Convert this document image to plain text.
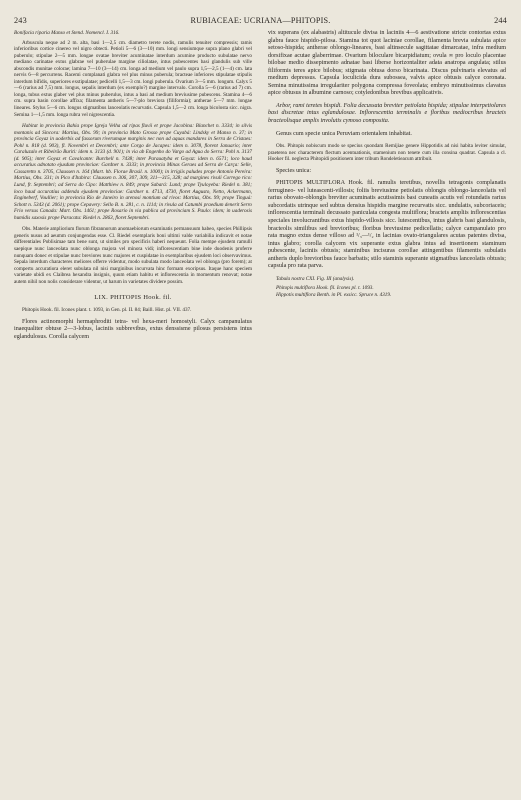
243	RUBIACEAE: UCRIANA—PHITOPIS.	244

Bonifacia riparia Manso et Stend. Nomencl. I. 316.

Arbuscula neque ad 2 m. alta, basi 1—2,5 cm. diametro terete nodis, ramulis tenuiter compressis; ramis inferioribus cortice cinereo vel nigro obtecti. Petioli 5—6 (3—10) mm. longi sensiumque supra plano glabri vel puberulo; stipulae 2—5 mm. longae ovatae breviter acuminatae interdum acumine producto subulatae nervo mediano carinatae extus glabrae vel puberulae margine ciliolatae, intus pubescentes basi glandulis sub ville abscondis munitae colorae; lamina 7—10 (3—14) cm. longa ad medium vel paulo supra 1,5—2,5 (1—4) cm. lata nervis 6—8 percurrens. Racemi complanati glabra vel plus minus puberula; bracteae inferiores stipulatae stipulis interdum bifidis, superiores exstipulatae; pedicelli 1,5—3 cm. longi puberula. Ovarium 3—5 mm. longum. Calyx 5—6 (rarius ad 7,5) mm. longus, sepalis interdum (ex exemplo?) margine intervalo. Corolla 5—6 (rarius ad 7) cm. longa, tubus extus glaber vel plus minus puberulus, intus a basi ad medium breviusime pubescens. Stamina 4—6 cm. supra basin corollae affixa; filamenta antheris 5—7-plo breviora (filiformia); antherae 5—7 mm. longae lineares. Stylus 5—6 cm. longus stigmatibus lanceolatis recurvatis. Capsula 1,5—2 cm. longa bicolosta sicc. nigra. Semina 1—1,5 mm. longa rubra vel nigrescentia.

Habitat in provincia Bahia prope Igreja Velha ad ripas fluvii et prope Jacobina: Blanchet n. 3334; in silvis montanis ad Sincora: Martius, Obs. 99; in provincia Mato Grosso prope Cuyabá: Lindsky et Manso n. 37; in provincia Goyaz in uoderbis ad fassorum riverumque marginis nec non ad aquas mandares in Serra de Cristaes: Pohl n. 818 (d. 903), fl. Novembri et Decembri; ante Corgo de Jacapes: idem n. 3078, florent Januario; inter Caraluzalo et Ribeirão Buriti: idem n. 3133 (d. 901); in via ab Engenho do Vargo ad Agua do Serra: Pohl n. 3137 (d. 905); inter Goyaz et Cavalcante: Burchell n. 7438; inter Parauatyba et Goyaz: idem n. 6571; loco haud accuratius adnotato ejusdum provinciae: Gardner n. 3333; in provincia Minas Geraes ad Serra de Carça: Selle, Cassaretto n. 3705, Claussen n. 164 (Mart. hb. Florae Brasil. n. 1000); in irrigiis paludes prope Antonio Pereira: Martius, Obs. 331; in Pico d'Itabira: Claussen n. 306, 307, 309, 311—315, 328; ad margines rivuli Corrego rico: Lund, fr. Septembri; ad Serra do Cipo: Matthiew n. 849; prope Sabará: Lund; prope Tyuloyeba: Riedel n. 381; loco haud accuratius addenda ejusdem provinciae: Gardner n. 4713, 4730, floret Augusto, Netto, Ackermann, Engineberf, Voullier; in provincia Rio de Janeiro in arenosi montium ad rivos: Martius, Obs. 99; prope Tinguá: Schott n. 5343 (d. 2061); prope Cepavery: Sello B. n. 281, c. n. 1114; in rivula ad Catumbi praedium denerit Serro Frio versus Canada: Mart. Obs. 1461; prope Rosario in via publica ad provinciam S. Paulo: idem; in uaderosis humidis saxosis prope Paracatu: Riedel n. 2863, floret Septembri.

Obs. Materie ampliorium florum fibrannorum anomaebiorum examinatis permansuum habeo, species Phillipsis generis nusus ad aeumm conjungendas esse. Cl. Riedel exemplaris boni ultimi valde variabilia indicavit et notae differentiales Poblisimae tam bene sunt, ut similes pro specificis haberi nequeunt. Folia mempe ejusdem ramulli saepique nunc lanceolata nunc oblonga majora vel minora vidi; inflorescentiam bine inde duodenis proferre nunquam donec et stipulae nunc breviores nunc majores et cuspidatae in exemplaribus ejusdem loci observavimus. Sepala interdum characteres meliores offerre videntur, modo subulata modo lanceolata vel oblonga (pro forem); at compertu accuratiora eleret subulata nil nisi marginibus incurvata hinc formam exoripsus. Itaque hanc speciem varietate ubidi ex Claibrea hexandra insignis, quum etiam habitu et inflorescentia in momentum renovat; notae autem nihil non nolis considerare videntur, ut harum in varietates dividere possim.

LIX. PHITOPIS Hook. fil.

Phitopis Hook. fil. Icones plant. t. 1093, in Gen. pl. II. 84; Baill. Hist. pl. VII. 437.

Flores actinomorphi hermaphroditi tetra- vel hexa-meri homostyli. Calyx campanulatus inaequaliter obtuse 2—3-lobus, laciniis subbrevibus, extus denssisme pilosus persistens intus eglandulosus. Corolla calycem

vix superans (ex alabastris) altitucule divisa in laciniis 4—6 aestivatione stricte contortas extus glabra fauce hispido-pilosa. Stamina tot quot laciniae corollae, filamenta brevia subulata apice setoso-hispida; antherae oblongo-lineares, basi altinsecule sagittatae dimarcatae, infra medium dorsifixae acutae glaberrimae. Ovarium biloculare bicarpidiatum; ovula ∞ pro loculo placentae bilobae medio dissepimento adnatae basi liberse horizontaliter adata anatropa angulata; stilus filiformis teres apice bilobus; stigmata obtusa dorso bicarinata. Discus pulvinaris elevatus ad medium depressus. Capsula loculicida dura subossea, valvis apice obtusis calyce coronata. Semina minutissima irregulariter polygona compressa foveolata; embryo minutissimus clavatus apice obtusus in albumine carnoso; cotyledonibus brevibus applicativis.

Arbor, rami teretes hispidi. Folia decussata breviter petiolata hispida; stipulae interpetiolares basi discretae intus eglandulosae. Inflorescentia terminalis e floribus mediocribus bracteis bracteolisque amplis involutis cymoso composita.

Genus cum specie unica Peruviam orientalem inhabitat.

Obs. Phitopis nobiscum modo se specius quondam Remijiae genere Hippotidis ad nisi habita leviter simulat, praeterea nec characterem flectum acentuationis, stamenium non tenete cum illa consina quadrat. Capsula a cl. Hooker fil. neglecta Phitopidi positionem inter tribum Rondeletieacum attribuit.

Species unica:

PHITOPIS MULTIFLORA Hook. fil. ramulis teretibus, novellis tetragonis complanatis ferrugineo- vel luteascenti-villosis; foliis breviusime petiolatis oblongis oblongo-lanceolatis vel rarius obovato-oblongis breviter acuminatis acutissimis basi cuneatis acutis vel rotundatis rarius subcordatis utrinque sed subtus densius hispidis margine recurvatis sicc. undulatis, subcoriaceis; inflorescentia terminali decussato paniculata congesta multiflora; bracteis ampliis inflorescentias speciales involucrantibus extus hispido-villosis sicc. lutescentibus, intus glabris basi glandulosis, bracteolis similibus sed brevioribus; floribus breviusime pedicellatis; calyce campanulato pro rata magno extus dense villoso ad ¹/₃—¹/₂ in lacinias ovato-triangulares acutas patentes divisa, intus glabro; corolla calycem vix superante extus glabra intus ad insertionem staminum pubescente, laciniis obtusis; staminibus incisuras corollae attingentibus filamentis subulatis antheris duplo brevioribus fauce barbatis; stilo staminis superante stigmatibus lanceolatis obtusis; capsula pro rata parva.

Tabula nostra CXI. Fig. III (analysis).

Phitopis multiflora Hook. fil. Icones pl. t. 1093.

Hippotis multiflora Benth. in Pl. exsicc. Spruce n. 4319.
